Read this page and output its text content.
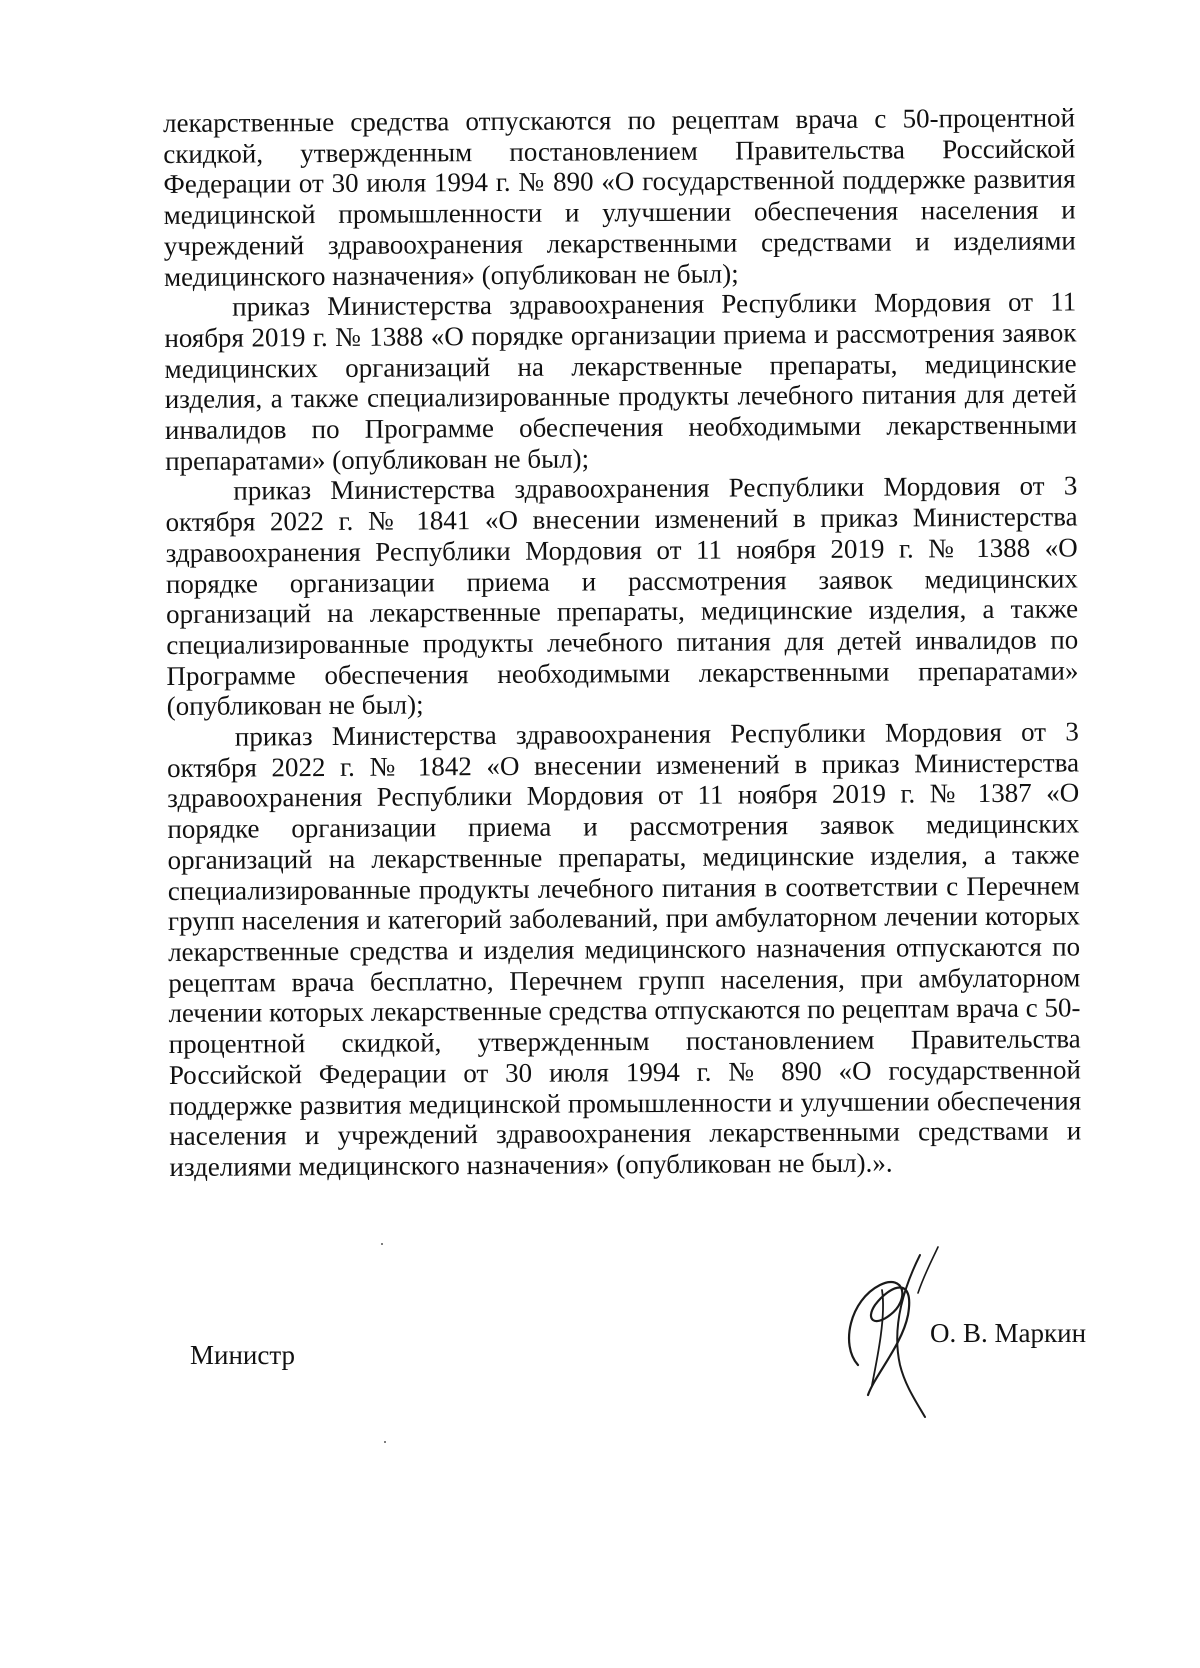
лекарственные средства отпускаются по рецептам врача с 50-процентной скидкой, утвержденным постановлением Правительства Российской Федерации от 30 июля 1994 г. № 890 «О государственной поддержке развития медицинской промышленности и улучшении обеспечения населения и учреждений здравоохранения лекарственными средствами и изделиями медицинского назначения» (опубликован не был);

приказ Министерства здравоохранения Республики Мордовия от 11 ноября 2019 г. № 1388 «О порядке организации приема и рассмотрения заявок медицинских организаций на лекарственные препараты, медицинские изделия, а также специализированные продукты лечебного питания для детей инвалидов по Программе обеспечения необходимыми лекарственными препаратами» (опубликован не был);

приказ Министерства здравоохранения Республики Мордовия от 3 октября 2022 г. № 1841 «О внесении изменений в приказ Министерства здравоохранения Республики Мордовия от 11 ноября 2019 г. № 1388 «О порядке организации приема и рассмотрения заявок медицинских организаций на лекарственные препараты, медицинские изделия, а также специализированные продукты лечебного питания для детей инвалидов по Программе обеспечения необходимыми лекарственными препаратами» (опубликован не был);

приказ Министерства здравоохранения Республики Мордовия от 3 октября 2022 г. № 1842 «О внесении изменений в приказ Министерства здравоохранения Республики Мордовия от 11 ноября 2019 г. № 1387 «О порядке организации приема и рассмотрения заявок медицинских организаций на лекарственные препараты, медицинские изделия, а также специализированные продукты лечебного питания в соответствии с Перечнем групп населения и категорий заболеваний, при амбулаторном лечении которых лекарственные средства и изделия медицинского назначения отпускаются по рецептам врача бесплатно, Перечнем групп населения, при амбулаторном лечении которых лекарственные средства отпускаются по рецептам врача с 50-процентной скидкой, утвержденным постановлением Правительства Российской Федерации от 30 июля 1994 г. № 890 «О государственной поддержке развития медицинской промышленности и улучшении обеспечения населения и учреждений здравоохранения лекарственными средствами и изделиями медицинского назначения» (опубликован не был).».

Министр
О. В. Маркин
